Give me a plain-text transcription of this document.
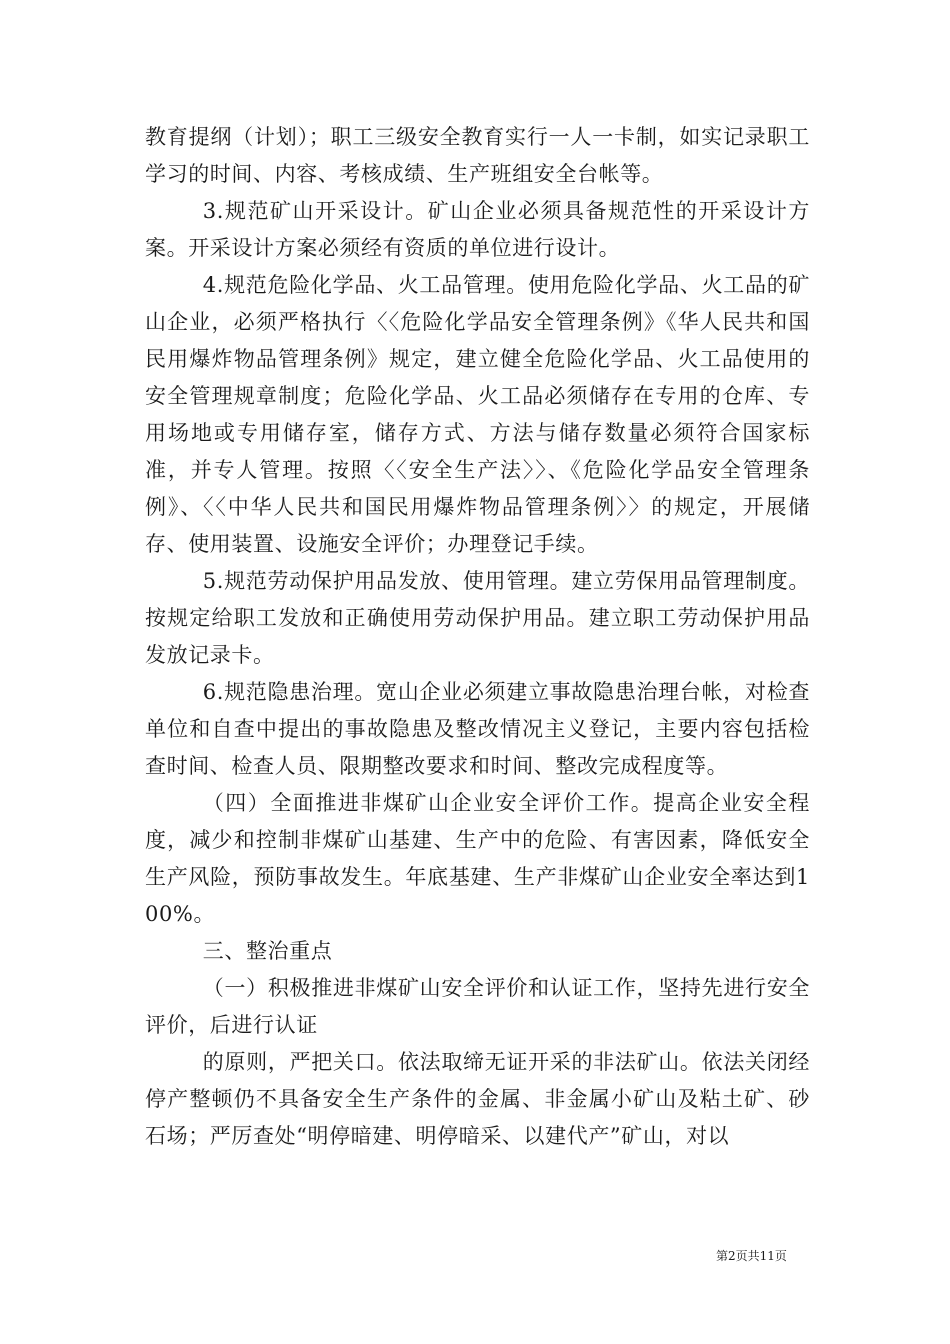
教育提纲（计划）；职工三级安全教育实行一人一卡制，如实记录职工学习的时间、内容、考核成绩、生产班组安全台帐等。

3.规范矿山开采设计。矿山企业必须具备规范性的开采设计方案。开采设计方案必须经有资质的单位进行设计。

4.规范危险化学品、火工品管理。使用危险化学品、火工品的矿山企业，必须严格执行〈〈危险化学品安全管理条例》《华人民共和国民用爆炸物品管理条例》规定，建立健全危险化学品、火工品使用的安全管理规章制度；危险化学品、火工品必须储存在专用的仓库、专用场地或专用储存室，储存方式、方法与储存数量必须符合国家标准，并专人管理。按照〈〈安全生产法〉〉、《危险化学品安全管理条例》、〈〈中华人民共和国民用爆炸物品管理条例〉〉的规定，开展储存、使用装置、设施安全评价；办理登记手续。

5.规范劳动保护用品发放、使用管理。建立劳保用品管理制度。按规定给职工发放和正确使用劳动保护用品。建立职工劳动保护用品发放记录卡。

6.规范隐患治理。宽山企业必须建立事故隐患治理台帐，对检查单位和自查中提出的事故隐患及整改情况主义登记，主要内容包括检查时间、检查人员、限期整改要求和时间、整改完成程度等。

（四）全面推进非煤矿山企业安全评价工作。提高企业安全程度，减少和控制非煤矿山基建、生产中的危险、有害因素，降低安全生产风险，预防事故发生。年底基建、生产非煤矿山企业安全率达到100%。

三、整治重点

（一）积极推进非煤矿山安全评价和认证工作，坚持先进行安全评价，后进行认证

的原则，严把关口。依法取缔无证开采的非法矿山。依法关闭经停产整顿仍不具备安全生产条件的金属、非金属小矿山及粘土矿、砂石场；严厉查处“明停暗建、明停暗采、以建代产”矿山，对以

第2页共11页
